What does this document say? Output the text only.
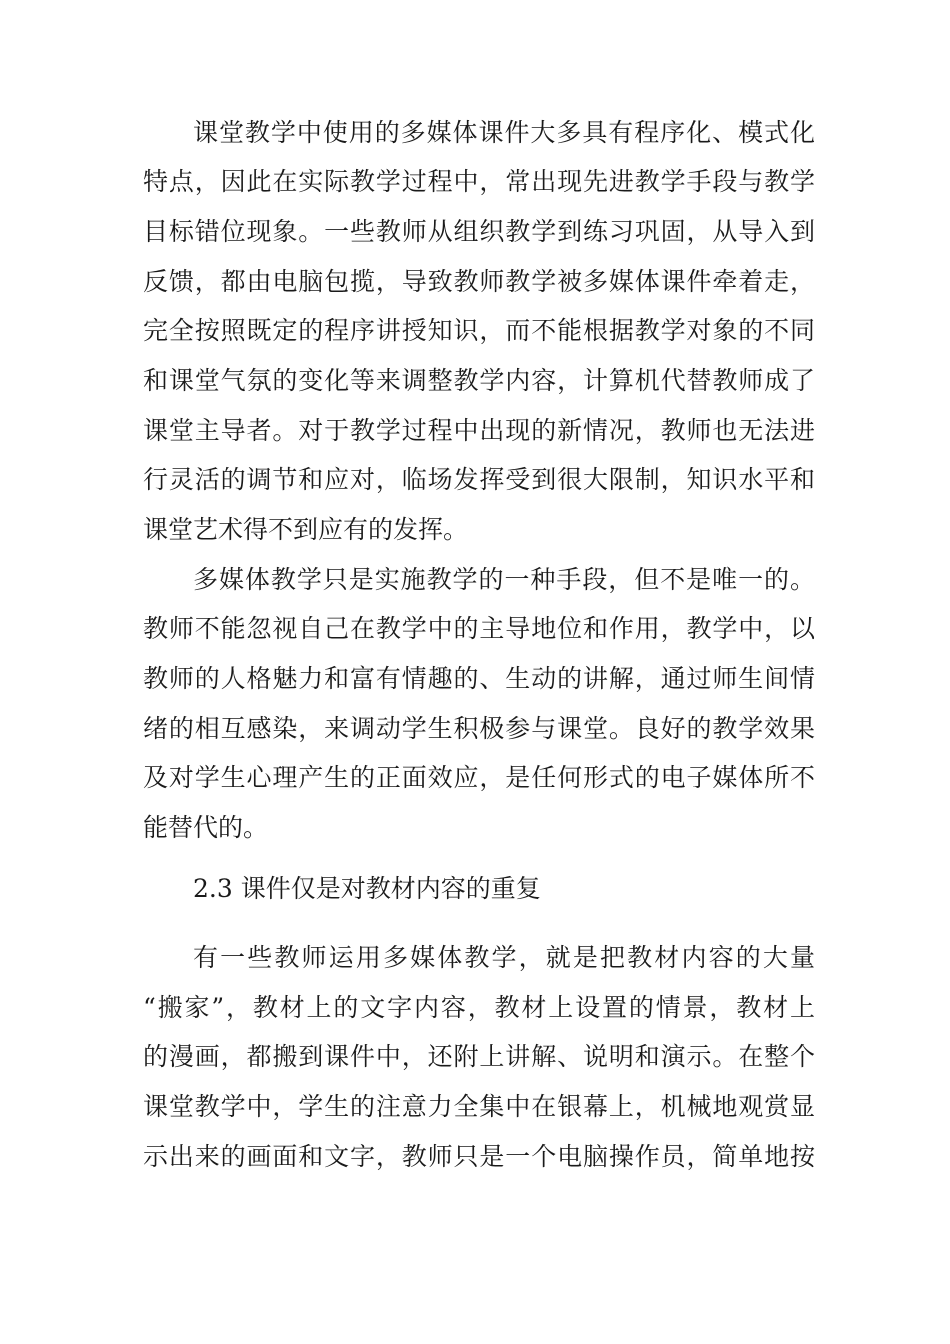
课堂教学中使用的多媒体课件大多具有程序化、模式化
特点，因此在实际教学过程中，常出现先进教学手段与教学
目标错位现象。一些教师从组织教学到练习巩固，从导入到
反馈，都由电脑包揽，导致教师教学被多媒体课件牵着走，
完全按照既定的程序讲授知识，而不能根据教学对象的不同
和课堂气氛的变化等来调整教学内容，计算机代替教师成了
课堂主导者。对于教学过程中出现的新情况，教师也无法进
行灵活的调节和应对，临场发挥受到很大限制，知识水平和
课堂艺术得不到应有的发挥。
多媒体教学只是实施教学的一种手段，但不是唯一的。
教师不能忽视自己在教学中的主导地位和作用，教学中，以
教师的人格魅力和富有情趣的、生动的讲解，通过师生间情
绪的相互感染，来调动学生积极参与课堂。良好的教学效果
及对学生心理产生的正面效应，是任何形式的电子媒体所不
能替代的。
2.3 课件仅是对教材内容的重复
有一些教师运用多媒体教学，就是把教材内容的大量
“搬家”，教材上的文字内容，教材上设置的情景，教材上
的漫画，都搬到课件中，还附上讲解、说明和演示。在整个
课堂教学中，学生的注意力全集中在银幕上，机械地观赏显
示出来的画面和文字，教师只是一个电脑操作员，简单地按
